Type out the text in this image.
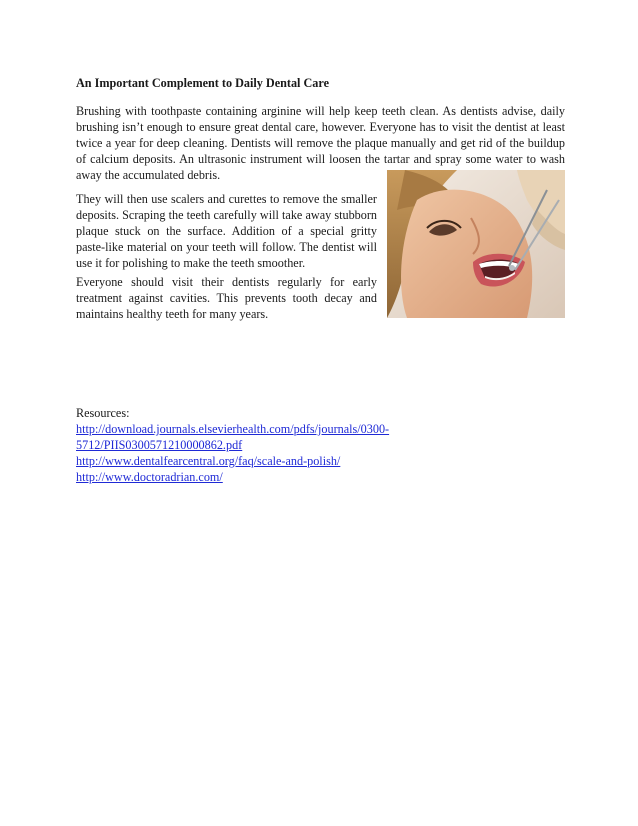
An Important Complement to Daily Dental Care

Brushing with toothpaste containing arginine will help keep teeth clean. As dentists advise, daily brushing isn’t enough to ensure great dental care, however. Everyone has to visit the dentist at least twice a year for deep cleaning. Dentists will remove the plaque manually and get rid of the buildup of calcium deposits. An ultrasonic instrument will loosen the tartar and spray some water to wash away the accumulated debris.

They will then use scalers and curettes to remove the smaller deposits. Scraping the teeth carefully will take away stubborn plaque stuck on the surface. Addition of a special gritty paste-like material on your teeth will follow. The dentist will use it for polishing to make the teeth smoother.

Everyone should visit their dentists regularly for early treatment against cavities. This prevents tooth decay and maintains healthy teeth for many years.

Resources:
http://download.journals.elsevierhealth.com/pdfs/journals/0300-5712/PIIS0300571210000862.pdf
http://www.dentalfearcentral.org/faq/scale-and-polish/
http://www.doctoradrian.com/
